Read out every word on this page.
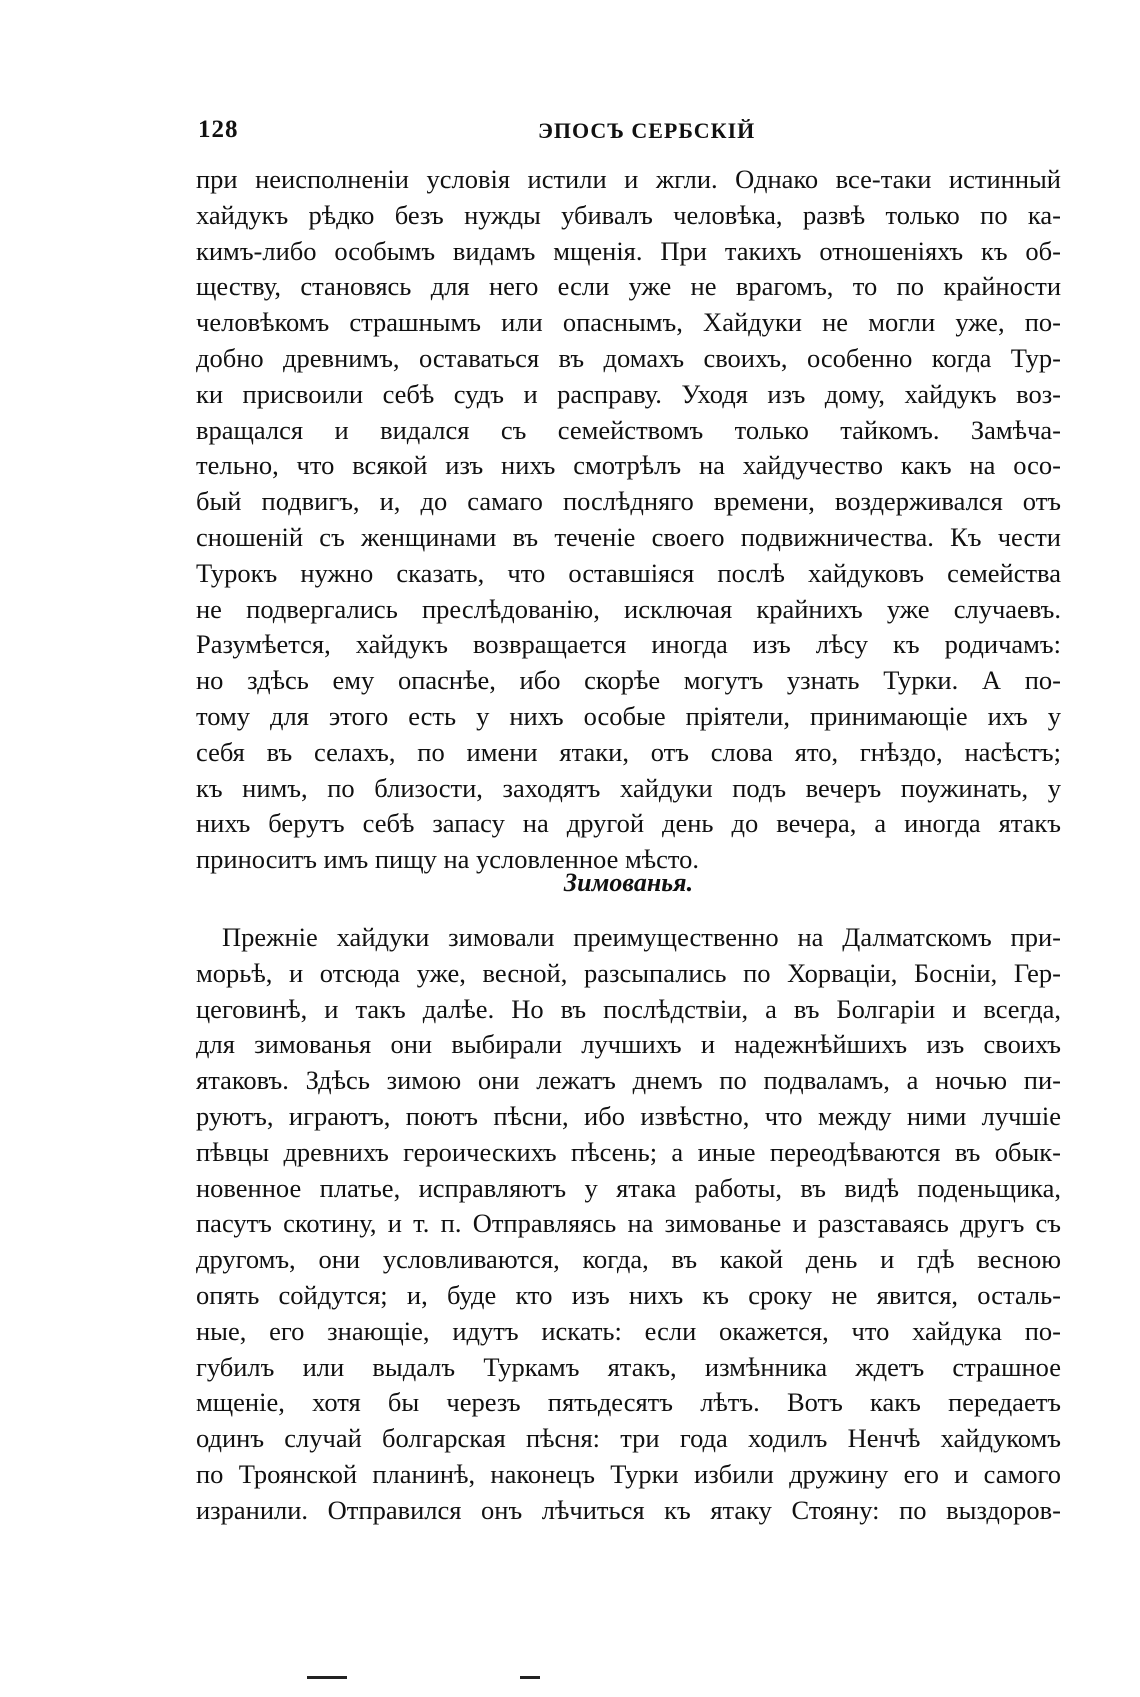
128	ЭПОСЪ СЕРБСКІЙ
при неисполненіи условія истили и жгли. Однако все-таки истинный
хайдукъ рѣдко безъ нужды убивалъ человѣка, развѣ только по ка-
кимъ-либо особымъ видамъ мщенія. При такихъ отношеніяхъ къ об-
ществу, становясь для него если уже не врагомъ, то по крайности
человѣкомъ страшнымъ или опаснымъ, Хайдуки не могли уже, по-
добно древнимъ, оставаться въ домахъ своихъ, особенно когда Тур-
ки присвоили себѣ судъ и расправу. Уходя изъ дому, хайдукъ воз-
вращался и видался съ семействомъ только тайкомъ. Замѣча-
тельно, что всякой изъ нихъ смотрѣлъ на хайдучество какъ на осо-
бый подвигъ, и, до самаго послѣдняго времени, воздерживался отъ
сношеній съ женщинами въ теченіе своего подвижничества. Къ чести
Турокъ нужно сказать, что оставшіяся послѣ хайдуковъ семейства
не подвергались преслѣдованію, исключая крайнихъ уже случаевъ.
Разумѣется, хайдукъ возвращается иногда изъ лѣсу къ родичамъ:
но здѣсь ему опаснѣе, ибо скорѣе могутъ узнать Турки. А по-
тому для этого есть у нихъ особые пріятели, принимающіе ихъ у
себя въ селахъ, по имени ятаки, отъ слова ято, гнѣздо, насѣстъ;
къ нимъ, по близости, заходятъ хайдуки подъ вечеръ поужинать, у
нихъ берутъ себѣ запасу на другой день до вечера, а иногда ятакъ
приноситъ имъ пищу на условленное мѣсто.
Зимованья.
Прежніе хайдуки зимовали преимущественно на Далматскомъ при-
морьѣ, и отсюда уже, весной, разсыпались по Хорваціи, Босніи, Гер-
цеговинѣ, и такъ далѣе. Но въ послѣдствіи, а въ Болгаріи и всегда,
для зимованья они выбирали лучшихъ и надежнѣйшихъ изъ своихъ
ятаковъ. Здѣсь зимою они лежатъ днемъ по подваламъ, а ночью пи-
руютъ, играютъ, поютъ пѣсни, ибо извѣстно, что между ними лучшіе
пѣвцы древнихъ героическихъ пѣсень; а иные переодѣваются въ обык-
новенное платье, исправляютъ у ятака работы, въ видѣ поденьщика,
пасутъ скотину, и т. п. Отправляясь на зимованье и разставаясь другъ съ
другомъ, они условливаются, когда, въ какой день и гдѣ весною
опять сойдутся; и, буде кто изъ нихъ къ сроку не явится, осталь-
ные, его знающіе, идутъ искать: если окажется, что хайдука по-
губилъ или выдалъ Туркамъ ятакъ, измѣнника ждетъ страшное
мщеніе, хотя бы черезъ пятьдесятъ лѣтъ. Вотъ какъ передаетъ
одинъ случай болгарская пѣсня: три года ходилъ Ненчѣ хайдукомъ
по Троянской планинѣ, наконецъ Турки избили дружину его и самого
изранили. Отправился онъ лѣчиться къ ятаку Стояну: по выздоров-
